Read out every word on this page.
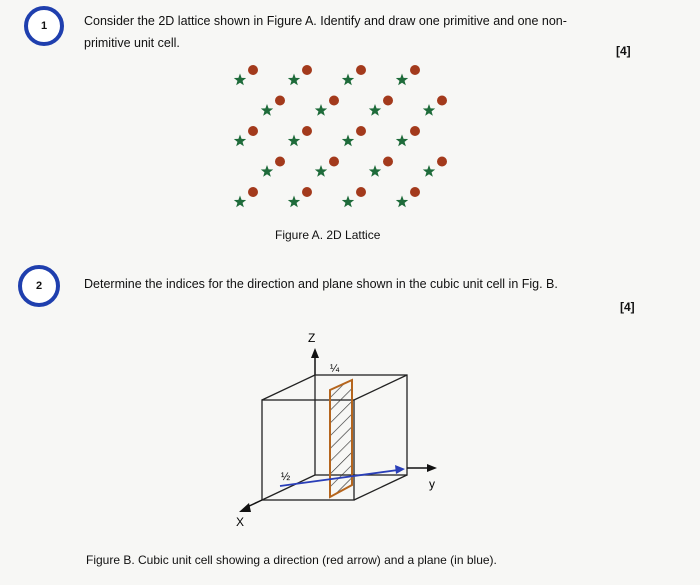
1	Consider the 2D lattice shown in Figure A. Identify and draw one primitive and one non-
primitive unit cell.
[4]
Figure A. 2D Lattice
2	Determine the indices for the direction and plane shown in the cubic unit cell in Fig. B.
[4]
Z
y
X
¼
½
Figure B. Cubic unit cell showing a direction (red arrow) and a plane (in blue).
